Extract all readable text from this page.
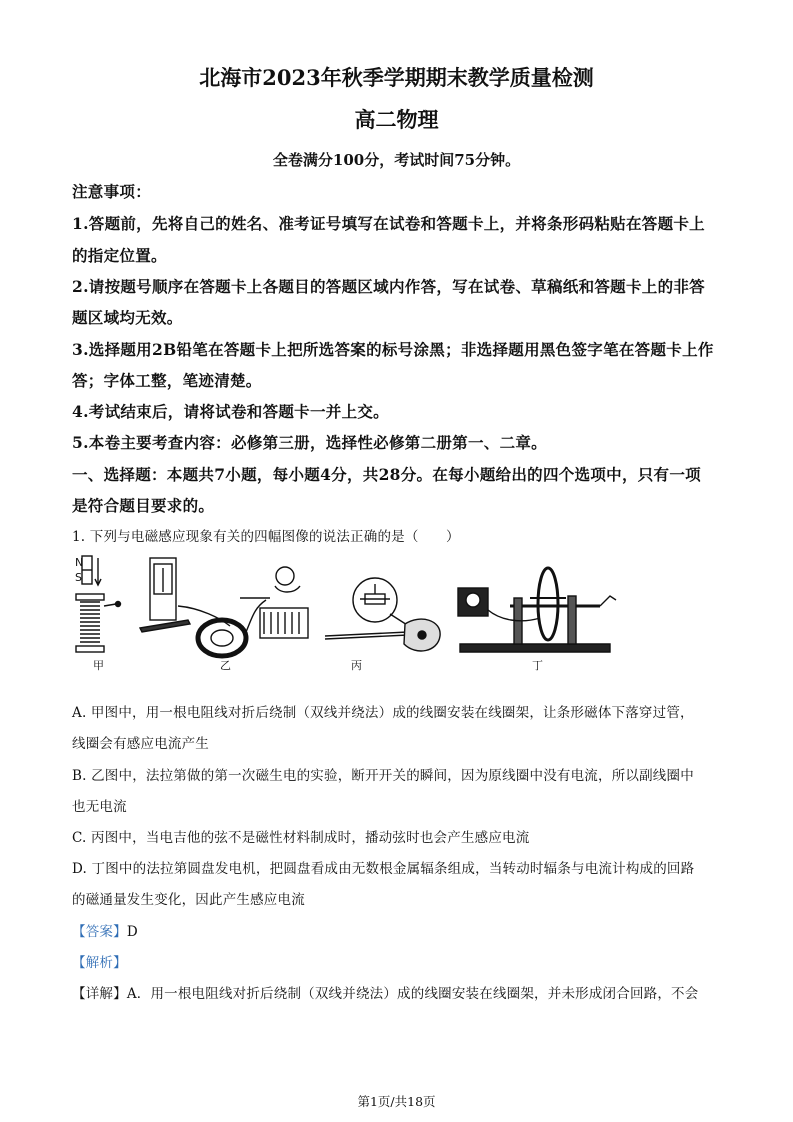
北海市2023年秋季学期期末教学质量检测
高二物理
全卷满分100分，考试时间75分钟。
注意事项：
1.答题前，先将自己的姓名、准考证号填写在试卷和答题卡上，并将条形码粘贴在答题卡上
的指定位置。
2.请按题号顺序在答题卡上各题目的答题区域内作答，写在试卷、草稿纸和答题卡上的非答
题区域均无效。
3.选择题用2B铅笔在答题卡上把所选答案的标号涂黑；非选择题用黑色签字笔在答题卡上作
答；字体工整，笔迹清楚。
4.考试结束后，请将试卷和答题卡一并上交。
5.本卷主要考查内容：必修第三册，选择性必修第二册第一、二章。
一、选择题：本题共7小题，每小题4分，共28分。在每小题给出的四个选项中，只有一项
是符合题目要求的。
1. 下列与电磁感应现象有关的四幅图像的说法正确的是（　　）
N
S
甲	乙	丙	丁
A. 甲图中，用一根电阻线对折后绕制（双线并绕法）成的线圈安装在线圈架，让条形磁体下落穿过管，
线圈会有感应电流产生
B. 乙图中，法拉第做的第一次磁生电的实验，断开开关的瞬间，因为原线圈中没有电流，所以副线圈中
也无电流
C. 丙图中，当电吉他的弦不是磁性材料制成时，播动弦时也会产生感应电流
D. 丁图中的法拉第圆盘发电机，把圆盘看成由无数根金属辐条组成，当转动时辐条与电流计构成的回路
的磁通量发生变化，因此产生感应电流
【答案】D
【解析】
【详解】A．用一根电阻线对折后绕制（双线并绕法）成的线圈安装在线圈架，并未形成闭合回路，不会
第1页/共18页
